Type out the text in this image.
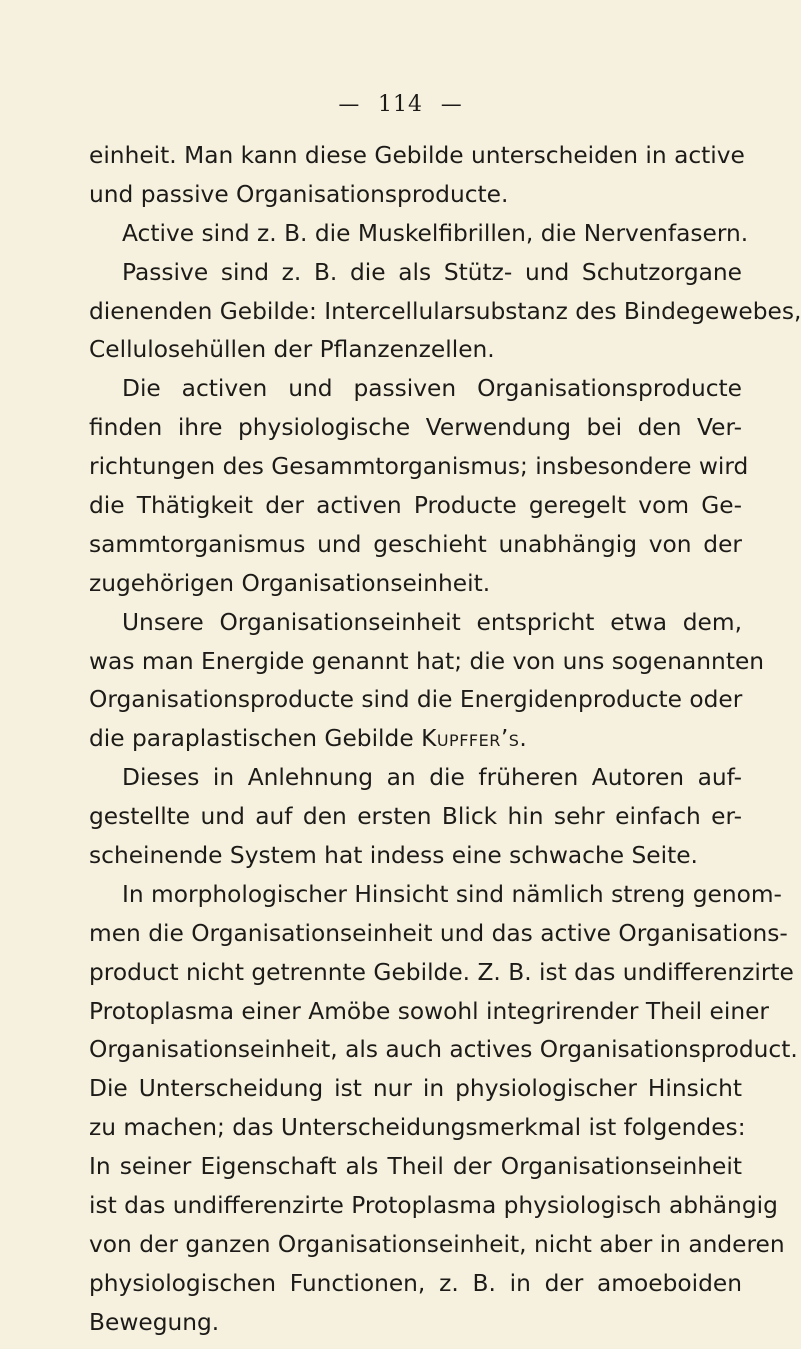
— 114 —
einheit. Man kann diese Gebilde unterscheiden in active
und passive Organisationsproducte.
Active sind z. B. die Muskelfibrillen, die Nervenfasern.
Passive sind z. B. die als Stütz- und Schutzorgane
dienenden Gebilde: Intercellularsubstanz des Bindegewebes,
Cellulosehüllen der Pflanzenzellen.
Die activen und passiven Organisationsproducte
finden ihre physiologische Verwendung bei den Ver-
richtungen des Gesammtorganismus; insbesondere wird
die Thätigkeit der activen Producte geregelt vom Ge-
sammtorganismus und geschieht unabhängig von der
zugehörigen Organisationseinheit.
Unsere Organisationseinheit entspricht etwa dem,
was man Energide genannt hat; die von uns sogenannten
Organisationsproducte sind die Energidenproducte oder
die paraplastischen Gebilde Kupffer’s.
Dieses in Anlehnung an die früheren Autoren auf-
gestellte und auf den ersten Blick hin sehr einfach er-
scheinende System hat indess eine schwache Seite.
In morphologischer Hinsicht sind nämlich streng genom-
men die Organisationseinheit und das active Organisations-
product nicht getrennte Gebilde. Z. B. ist das undifferenzirte
Protoplasma einer Amöbe sowohl integrirender Theil einer
Organisationseinheit, als auch actives Organisationsproduct.
Die Unterscheidung ist nur in physiologischer Hinsicht
zu machen; das Unterscheidungsmerkmal ist folgendes:
In seiner Eigenschaft als Theil der Organisationseinheit
ist das undifferenzirte Protoplasma physiologisch abhängig
von der ganzen Organisationseinheit, nicht aber in anderen
physiologischen Functionen, z. B. in der amoeboiden
Bewegung.
